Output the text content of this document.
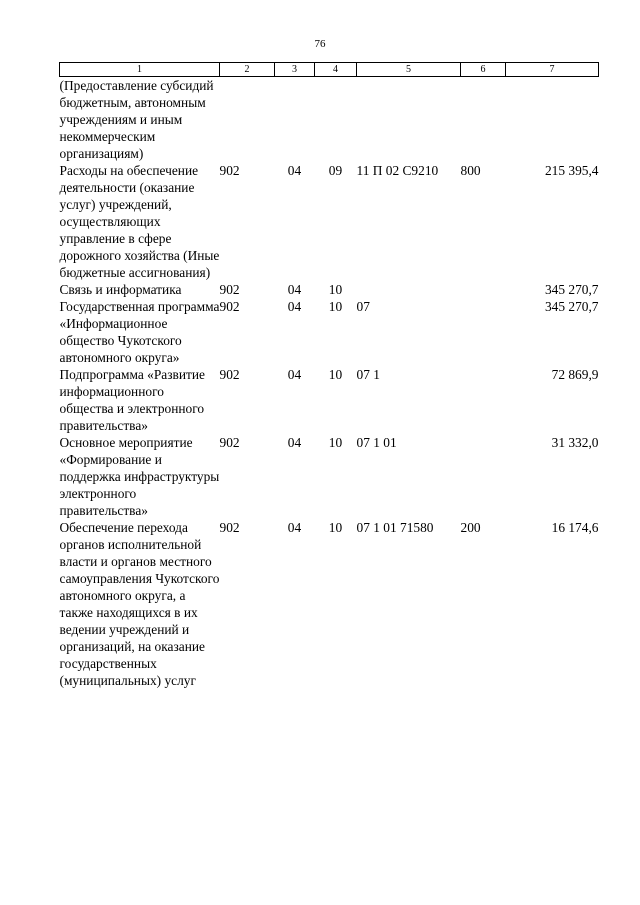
76
1	2	3	4	5	6	7
(Предоставление субсидий бюджетным, автономным учреждениям и иным некоммерческим организациям)						
Расходы на обеспечение деятельности (оказание услуг) учреждений, осуществляющих управление в сфере дорожного хозяйства (Иные бюджетные ассигнования)	902	04	09	11 П 02 С9210	800	215 395,4
Связь и информатика	902	04	10			345 270,7
Государственная программа «Информационное общество Чукотского автономного округа»	902	04	10	07		345 270,7
Подпрограмма «Развитие информационного общества и электронного правительства»	902	04	10	07 1		72 869,9
Основное мероприятие «Формирование и поддержка инфраструктуры электронного правительства»	902	04	10	07 1 01		31 332,0
Обеспечение перехода органов исполнительной власти и органов местного самоуправления Чукотского автономного округа, а также находящихся в их ведении учреждений и организаций, на оказание государственных (муниципальных) услуг	902	04	10	07 1 01 71580	200	16 174,6
